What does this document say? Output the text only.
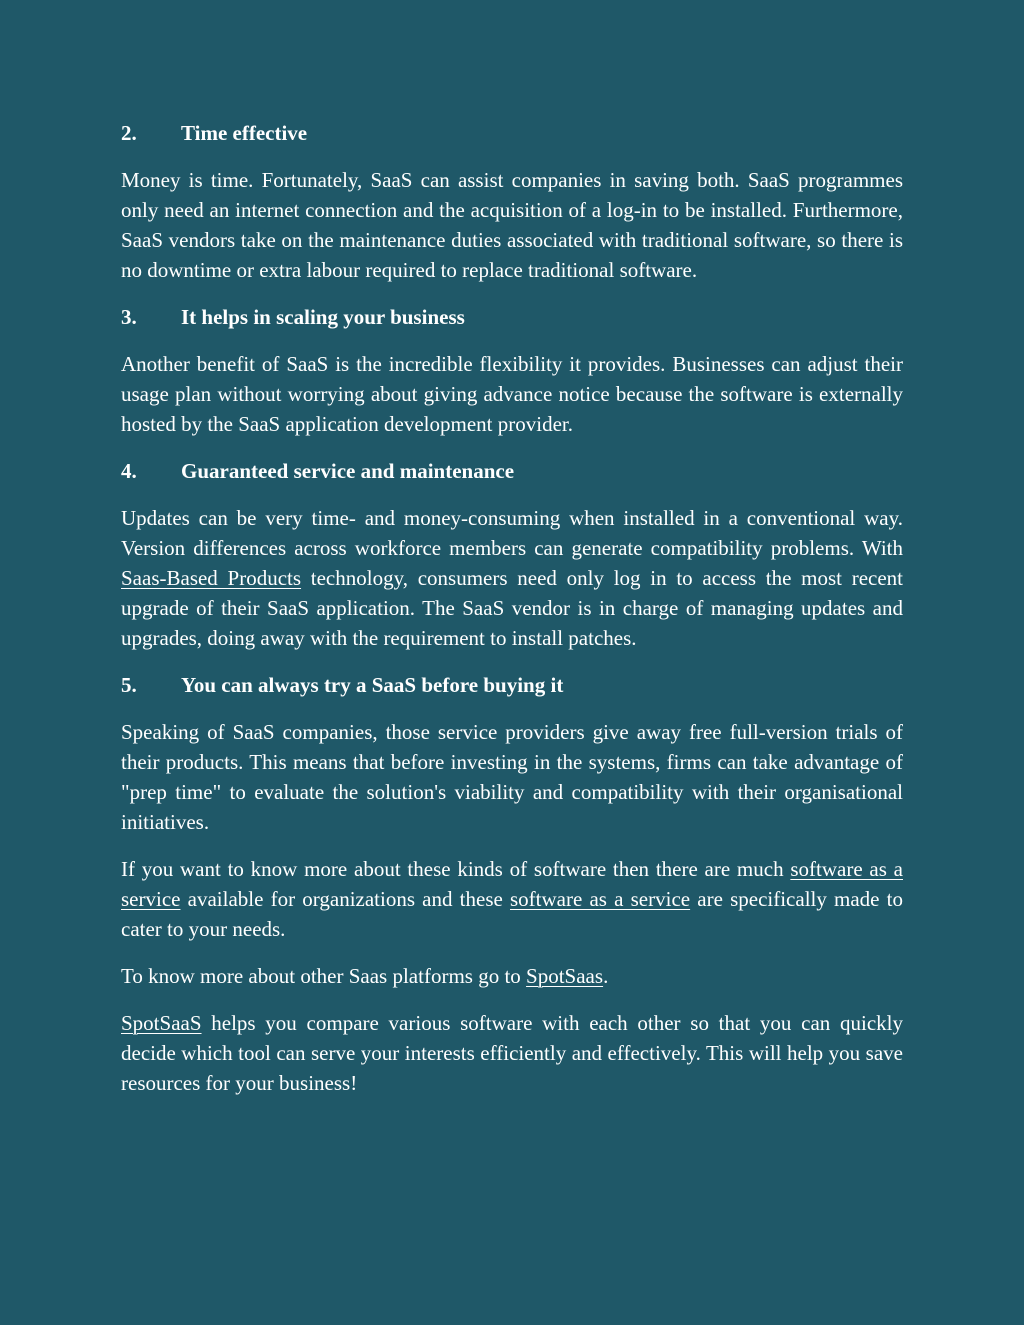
2.	Time effective

Money is time. Fortunately, SaaS can assist companies in saving both. SaaS programmes only need an internet connection and the acquisition of a log-in to be installed. Furthermore, SaaS vendors take on the maintenance duties associated with traditional software, so there is no downtime or extra labour required to replace traditional software.

3.	It helps in scaling your business

Another benefit of SaaS is the incredible flexibility it provides. Businesses can adjust their usage plan without worrying about giving advance notice because the software is externally hosted by the SaaS application development provider.

4.	Guaranteed service and maintenance

Updates can be very time- and money-consuming when installed in a conventional way. Version differences across workforce members can generate compatibility problems. With Saas-Based Products technology, consumers need only log in to access the most recent upgrade of their SaaS application. The SaaS vendor is in charge of managing updates and upgrades, doing away with the requirement to install patches.

5.	You can always try a SaaS before buying it

Speaking of SaaS companies, those service providers give away free full-version trials of their products. This means that before investing in the systems, firms can take advantage of "prep time" to evaluate the solution's viability and compatibility with their organisational initiatives.

If you want to know more about these kinds of software then there are much software as a service available for organizations and these software as a service are specifically made to cater to your needs.

To know more about other Saas platforms go to SpotSaas.

SpotSaaS helps you compare various software with each other so that you can quickly decide which tool can serve your interests efficiently and effectively. This will help you save resources for your business!
